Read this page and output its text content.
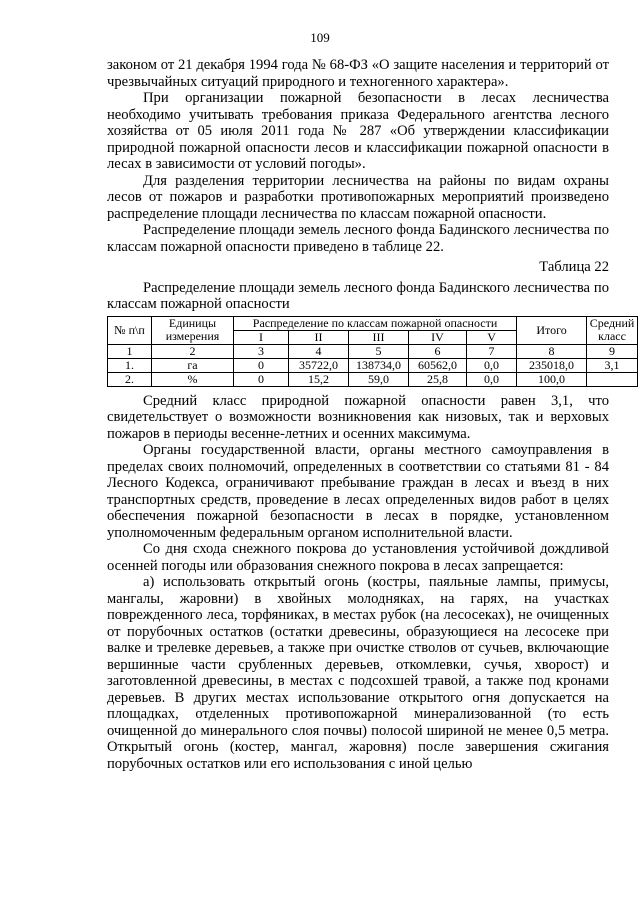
109

законом от 21 декабря 1994 года № 68-ФЗ «О защите населения и территорий от чрезвычайных ситуаций природного и техногенного характера».

При организации пожарной безопасности в лесах лесничества необходимо учитывать требования приказа Федерального агентства лесного хозяйства от 05 июля 2011 года № 287 «Об утверждении классификации природной пожарной опасности лесов и классификации пожарной опасности в лесах в зависимости от условий погоды».

Для разделения территории лесничества на районы по видам охраны лесов от пожаров и разработки противопожарных мероприятий произведено распределение площади лесничества по классам пожарной опасности.

Распределение площади земель лесного фонда Бадинского лесничества по классам пожарной опасности приведено в таблице 22.

Таблица 22

Распределение площади земель лесного фонда Бадинского лесничества по классам пожарной опасности

№ п\п	Единицы измерения	Распределение по классам пожарной опасности					Итого	Средний класс
		I	II	III	IV	V		
1	2	3	4	5	6	7	8	9
1.	га	0	35722,0	138734,0	60562,0	0,0	235018,0	3,1
2.	%	0	15,2	59,0	25,8	0,0	100,0	

Средний класс природной пожарной опасности равен 3,1, что свидетельствует о возможности возникновения как низовых, так и верховых пожаров в периоды весенне-летних и осенних максимума.

Органы государственной власти, органы местного самоуправления в пределах своих полномочий, определенных в соответствии со статьями 81 - 84 Лесного Кодекса, ограничивают пребывание граждан в лесах и въезд в них транспортных средств, проведение в лесах определенных видов работ в целях обеспечения пожарной безопасности в лесах в порядке, установленном уполномоченным федеральным органом исполнительной власти.

Со дня схода снежного покрова до установления устойчивой дождливой осенней погоды или образования снежного покрова в лесах запрещается:

а) использовать открытый огонь (костры, паяльные лампы, примусы, мангалы, жаровни) в хвойных молодняках, на гарях, на участках поврежденного леса, торфяниках, в местах рубок (на лесосеках), не очищенных от порубочных остатков (остатки древесины, образующиеся на лесосеке при валке и трелевке деревьев, а также при очистке стволов от сучьев, включающие вершинные части срубленных деревьев, откомлевки, сучья, хворост) и заготовленной древесины, в местах с подсохшей травой, а также под кронами деревьев. В других местах использование открытого огня допускается на площадках, отделенных противопожарной минерализованной (то есть очищенной до минерального слоя почвы) полосой шириной не менее 0,5 метра. Открытый огонь (костер, мангал, жаровня) после завершения сжигания порубочных остатков или его использования с иной целью
